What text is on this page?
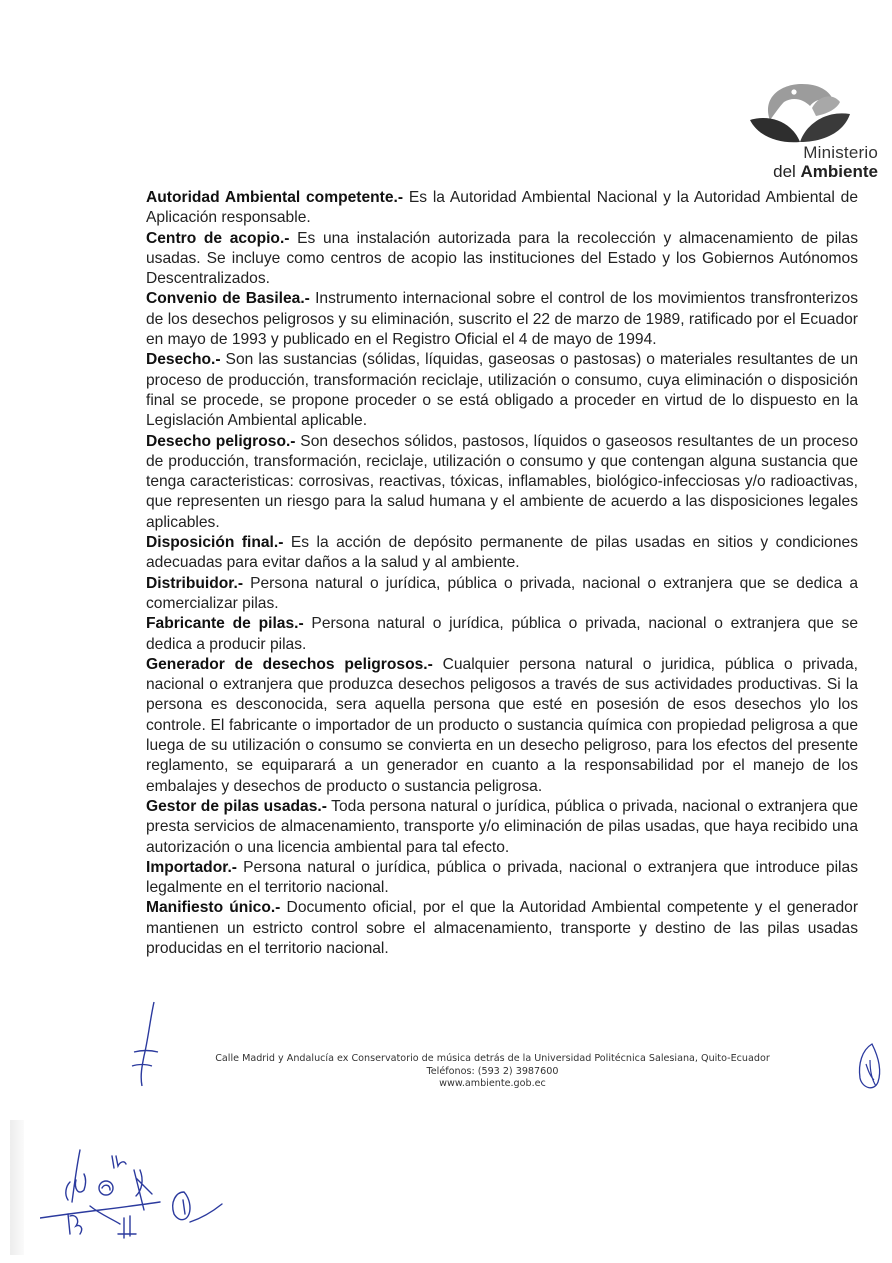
Ministerio
del Ambiente

Autoridad Ambiental competente.- Es la Autoridad Ambiental Nacional y la Autoridad Ambiental de Aplicación responsable.

Centro de acopio.- Es una instalación autorizada para la recolección y almacenamiento de pilas usadas. Se incluye como centros de acopio las instituciones del Estado y los Gobiernos Autónomos Descentralizados.

Convenio de Basilea.- Instrumento internacional sobre el control de los movimientos transfronterizos de los desechos peligrosos y su eliminación, suscrito el 22 de marzo de 1989, ratificado por el Ecuador en mayo de 1993 y publicado en el Registro Oficial el 4 de mayo de 1994.

Desecho.- Son las sustancias (sólidas, líquidas, gaseosas o pastosas) o materiales resultantes de un proceso de producción, transformación reciclaje, utilización o consumo, cuya eliminación o disposición final se procede, se propone proceder o se está obligado a proceder en virtud de lo dispuesto en la Legislación Ambiental aplicable.

Desecho peligroso.- Son desechos sólidos, pastosos, líquidos o gaseosos resultantes de un proceso de producción, transformación, reciclaje, utilización o consumo y que contengan alguna sustancia que tenga caracteristicas: corrosivas, reactivas, tóxicas, inflamables, biológico-infecciosas y/o radioactivas, que representen un riesgo para la salud humana y el ambiente de acuerdo a las disposiciones legales aplicables.

Disposición final.- Es la acción de depósito permanente de pilas usadas en sitios y condiciones adecuadas para evitar daños a la salud y al ambiente.

Distribuidor.- Persona natural o jurídica, pública o privada, nacional o extranjera que se dedica a comercializar pilas.

Fabricante de pilas.- Persona natural o jurídica, pública o privada, nacional o extranjera que se dedica a producir pilas.

Generador de desechos peligrosos.- Cualquier persona natural o juridica, pública o privada, nacional o extranjera que produzca desechos peligosos a través de sus actividades productivas. Si la persona es desconocida, sera aquella persona que esté en posesión de esos desechos ylo los controle. El fabricante o importador de un producto o sustancia química con propiedad peligrosa a que luega de su utilización o consumo se convierta en un desecho peligroso, para los efectos del presente reglamento, se equiparará a un generador en cuanto a la responsabilidad por el manejo de los embalajes y desechos de producto o sustancia peligrosa.

Gestor de pilas usadas.- Toda persona natural o jurídica, pública o privada, nacional o extranjera que presta servicios de almacenamiento, transporte y/o eliminación de pilas usadas, que haya recibido una autorización o una licencia ambiental para tal efecto.

Importador.- Persona natural o jurídica, pública o privada, nacional o extranjera que introduce pilas legalmente en el territorio nacional.

Manifiesto único.- Documento oficial, por el que la Autoridad Ambiental competente y el generador mantienen un estricto control sobre el almacenamiento, transporte y destino de las pilas usadas producidas en el territorio nacional.

Calle Madrid y Andalucía ex Conservatorio de música detrás de la Universidad Politécnica Salesiana, Quito-Ecuador
Teléfonos: (593 2) 3987600
www.ambiente.gob.ec
